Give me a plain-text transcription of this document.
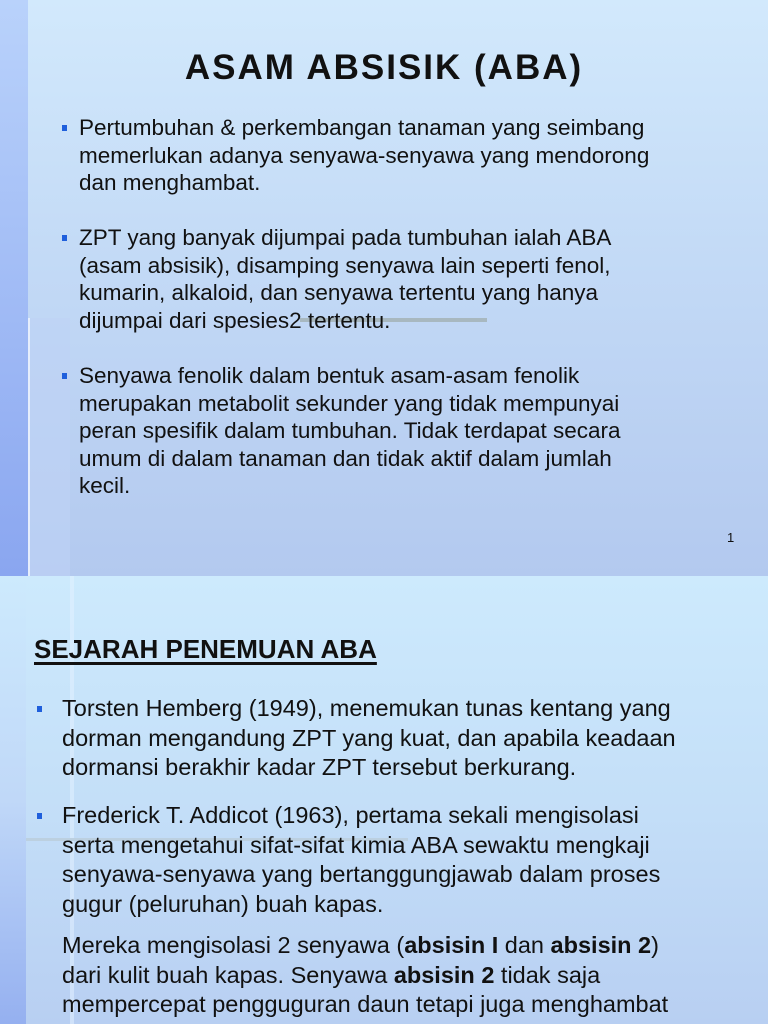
ASAM ABSISIK (ABA)
Pertumbuhan & perkembangan tanaman yang seimbang
memerlukan adanya senyawa-senyawa yang mendorong
dan menghambat.
ZPT yang banyak dijumpai pada tumbuhan ialah ABA
(asam absisik), disamping senyawa lain seperti fenol,
kumarin, alkaloid, dan senyawa tertentu yang hanya
dijumpai dari spesies2 tertentu.
Senyawa fenolik dalam bentuk asam-asam fenolik
merupakan metabolit sekunder yang tidak mempunyai
peran spesifik dalam tumbuhan. Tidak terdapat secara
umum di dalam tanaman dan tidak aktif dalam jumlah
kecil.
1
SEJARAH PENEMUAN ABA
Torsten Hemberg (1949), menemukan tunas kentang yang
dorman mengandung ZPT yang kuat, dan apabila keadaan
dormansi berakhir kadar ZPT tersebut berkurang.
Frederick T. Addicot (1963), pertama sekali mengisolasi
serta mengetahui sifat-sifat kimia ABA sewaktu mengkaji
senyawa-senyawa yang bertanggungjawab dalam proses
gugur (peluruhan) buah kapas.
Mereka mengisolasi 2 senyawa (absisin I dan absisin 2)
dari kulit buah kapas. Senyawa absisin 2 tidak saja
mempercepat pengguguran daun tetapi juga menghambat
